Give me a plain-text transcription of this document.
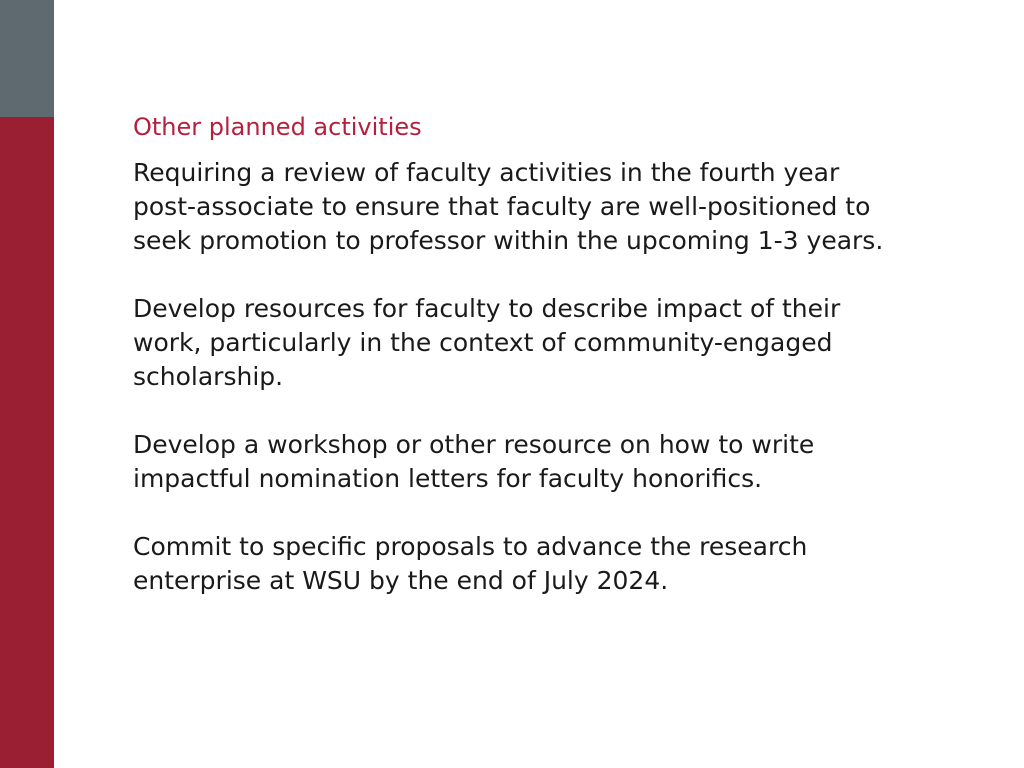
Other planned activities

Requiring a review of faculty activities in the fourth year
post-associate to ensure that faculty are well-positioned to
seek promotion to professor within the upcoming 1-3 years.

Develop resources for faculty to describe impact of their
work, particularly in the context of community-engaged
scholarship.

Develop a workshop or other resource on how to write
impactful nomination letters for faculty honorifics.

Commit to specific proposals to advance the research
enterprise at WSU by the end of July 2024.
